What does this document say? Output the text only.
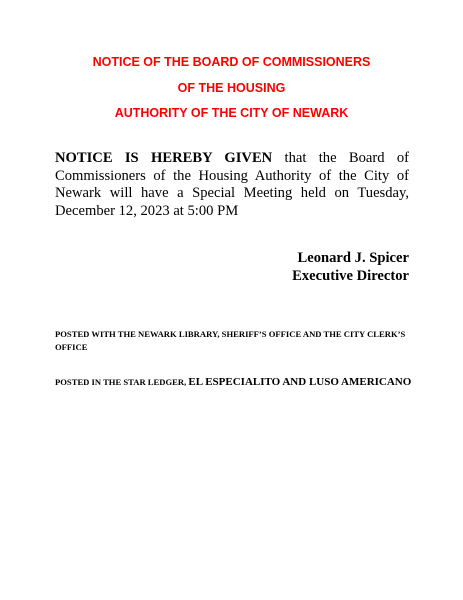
NOTICE OF THE BOARD OF COMMISSIONERS
OF THE HOUSING
AUTHORITY OF THE CITY OF NEWARK
NOTICE IS HEREBY GIVEN that the Board of Commissioners of the Housing Authority of the City of Newark will have a Special Meeting held on Tuesday, December 12, 2023 at 5:00 PM
Leonard J. Spicer
Executive Director
POSTED WITH THE NEWARK LIBRARY, SHERIFF’S OFFICE AND THE CITY CLERK’S OFFICE
POSTED IN THE STAR LEDGER, EL ESPECIALITO AND LUSO AMERICANO
